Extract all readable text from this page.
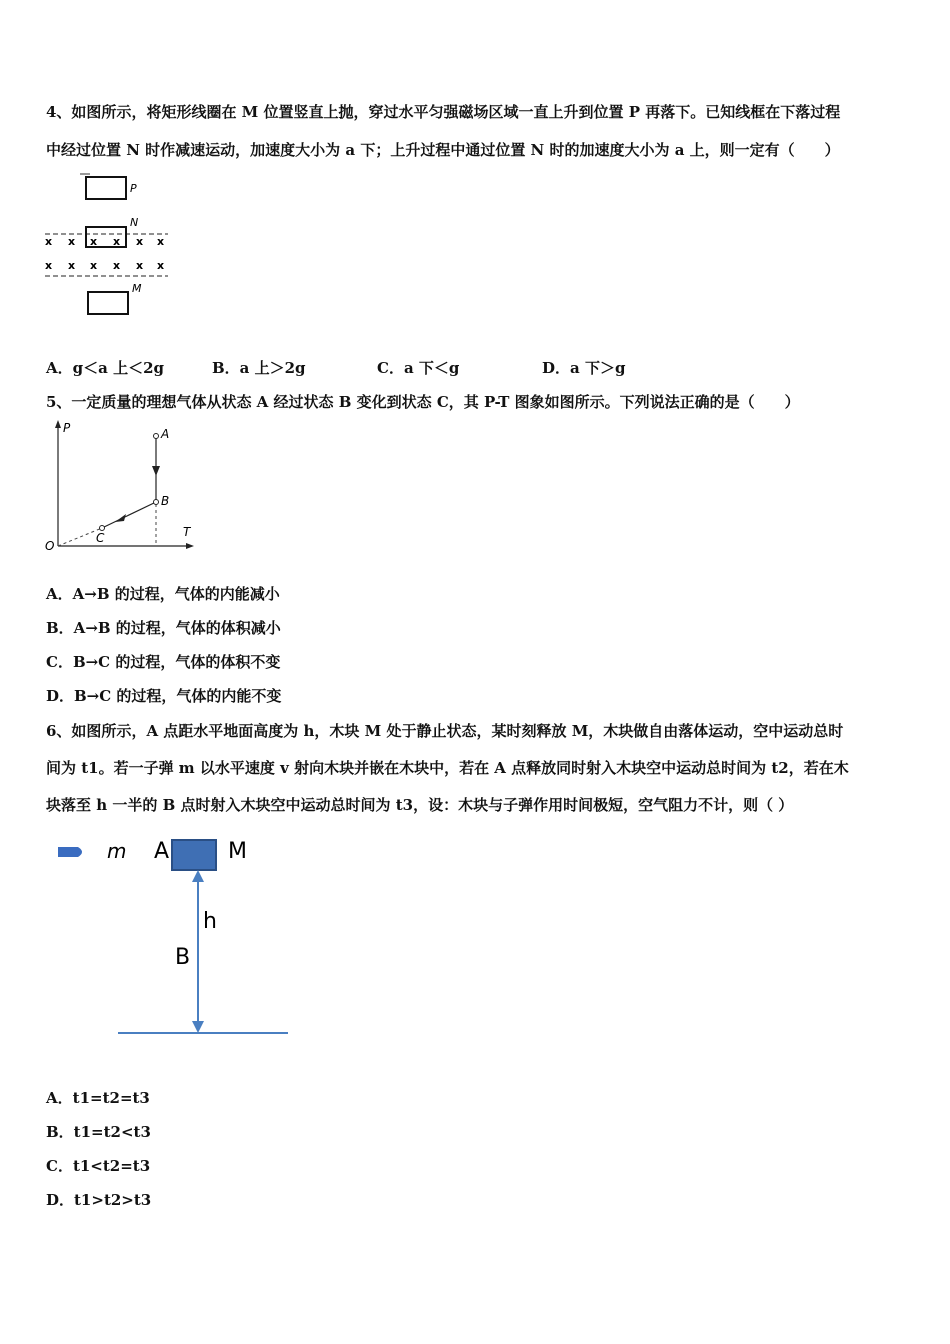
4、如图所示，将矩形线圈在 M 位置竖直上抛，穿过水平匀强磁场区域一直上升到位置 P 再落下。已知线框在下落过程
中经过位置 N 时作减速运动，加速度大小为 a 下；上升过程中通过位置 N 时的加速度大小为 a 上，则一定有（　　）
P
N
x x x x x x
x x x x x x
M
A．g＜a 上＜2g	B．a 上＞2g	C．a 下＜g	D．a 下＞g
5、一定质量的理想气体从状态 A 经过状态 B 变化到状态 C，其 P-T 图象如图所示。下列说法正确的是（　　）
P
T
O
A
B
C
A．A→B 的过程，气体的内能减小
B．A→B 的过程，气体的体积减小
C．B→C 的过程，气体的体积不变
D．B→C 的过程，气体的内能不变
6、如图所示，A 点距水平地面高度为 h，木块 M 处于静止状态，某时刻释放 M，木块做自由落体运动，空中运动总时
间为 t1。若一子弹 m 以水平速度 v 射向木块并嵌在木块中，若在 A 点释放同时射入木块空中运动总时间为 t2，若在木
块落至 h 一半的 B 点时射入木块空中运动总时间为 t3，设：木块与子弹作用时间极短，空气阻力不计，则（ ）
m A	M
h
B
A．t1=t2=t3
B．t1=t2<t3
C．t1<t2=t3
D．t1>t2>t3
